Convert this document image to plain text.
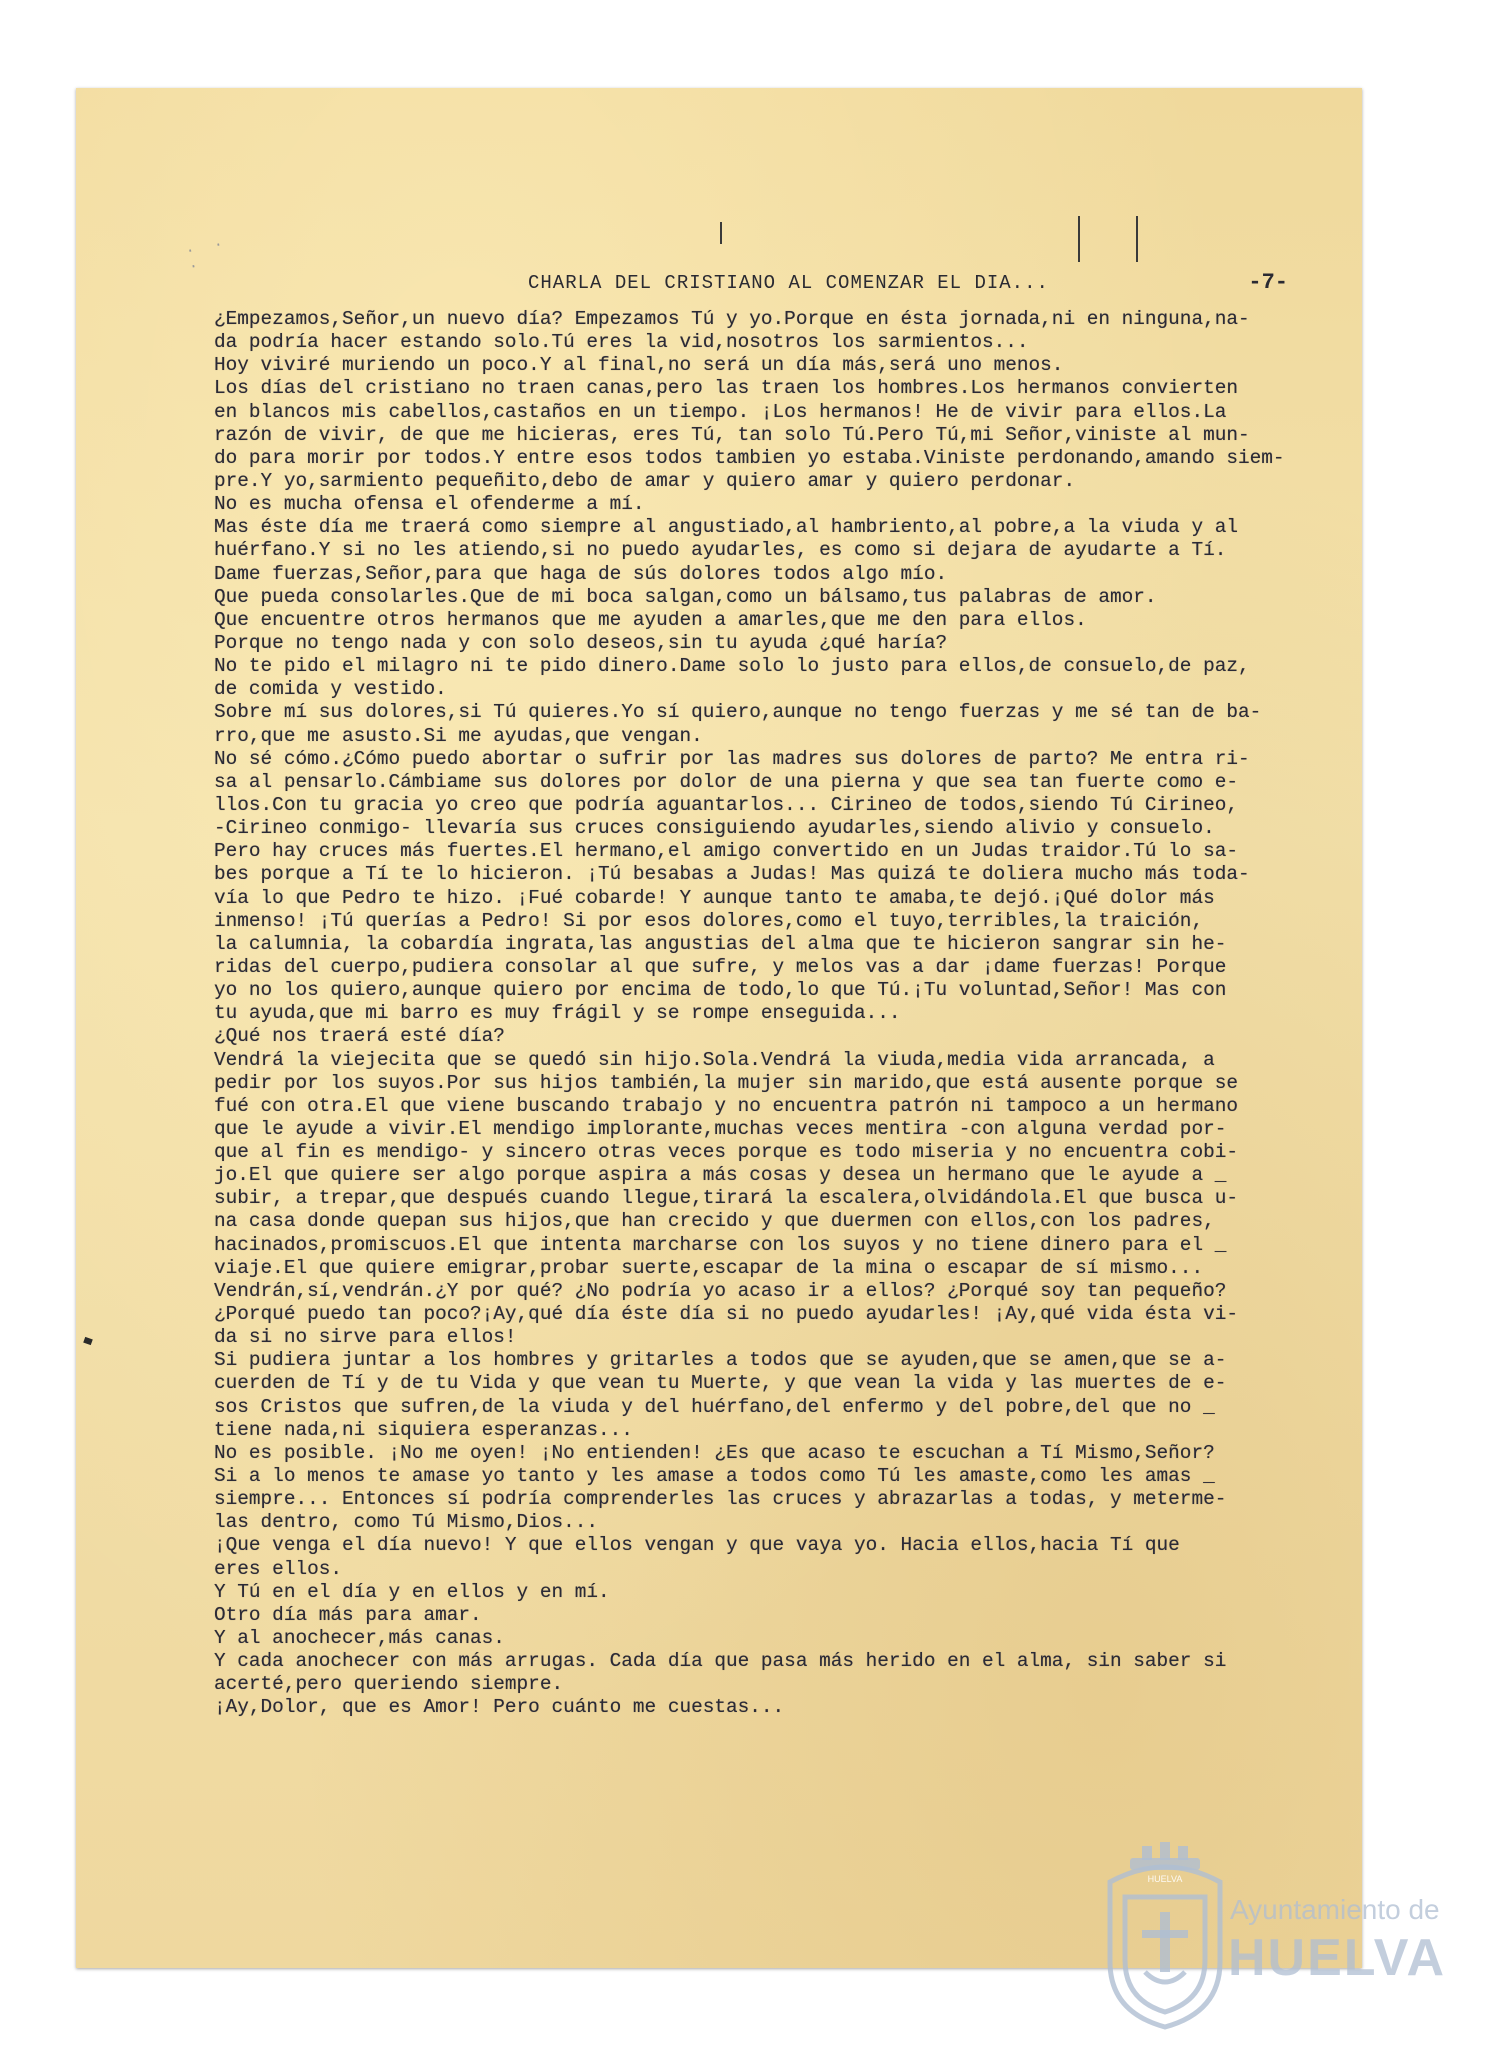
· · ·
CHARLA DEL CRISTIANO AL COMENZAR EL DIA...	-7-
¿Empezamos,Señor,un nuevo día? Empezamos Tú y yo.Porque en ésta jornada,ni en ninguna,na-
da podría hacer estando solo.Tú eres la vid,nosotros los sarmientos...
Hoy viviré muriendo un poco.Y al final,no será un día más,será uno menos.
Los días del cristiano no traen canas,pero las traen los hombres.Los hermanos convierten
en blancos mis cabellos,castaños en un tiempo. ¡Los hermanos! He de vivir para ellos.La
razón de vivir, de que me hicieras, eres Tú, tan solo Tú.Pero Tú,mi Señor,viniste al mun-
do para morir por todos.Y entre esos todos tambien yo estaba.Viniste perdonando,amando siem-
pre.Y yo,sarmiento pequeñito,debo de amar y quiero amar y quiero perdonar.
No es mucha ofensa el ofenderme a mí.
Mas éste día me traerá como siempre al angustiado,al hambriento,al pobre,a la viuda y al
huérfano.Y si no les atiendo,si no puedo ayudarles, es como si dejara de ayudarte a Tí.
Dame fuerzas,Señor,para que haga de sús dolores todos algo mío.
Que pueda consolarles.Que de mi boca salgan,como un bálsamo,tus palabras de amor.
Que encuentre otros hermanos que me ayuden a amarles,que me den para ellos.
Porque no tengo nada y con solo deseos,sin tu ayuda ¿qué haría?
No te pido el milagro ni te pido dinero.Dame solo lo justo para ellos,de consuelo,de paz,
de comida y vestido.
Sobre mí sus dolores,si Tú quieres.Yo sí quiero,aunque no tengo fuerzas y me sé tan de ba-
rro,que me asusto.Si me ayudas,que vengan.
No sé cómo.¿Cómo puedo abortar o sufrir por las madres sus dolores de parto? Me entra ri-
sa al pensarlo.Cámbiame sus dolores por dolor de una pierna y que sea tan fuerte como e-
llos.Con tu gracia yo creo que podría aguantarlos... Cirineo de todos,siendo Tú Cirineo,
-Cirineo conmigo- llevaría sus cruces consiguiendo ayudarles,siendo alivio y consuelo.
Pero hay cruces más fuertes.El hermano,el amigo convertido en un Judas traidor.Tú lo sa-
bes porque a Tí te lo hicieron. ¡Tú besabas a Judas! Mas quizá te doliera mucho más toda-
vía lo que Pedro te hizo. ¡Fué cobarde! Y aunque tanto te amaba,te dejó.¡Qué dolor más
inmenso! ¡Tú querías a Pedro! Si por esos dolores,como el tuyo,terribles,la traición,
la calumnia, la cobardía ingrata,las angustias del alma que te hicieron sangrar sin he-
ridas del cuerpo,pudiera consolar al que sufre, y melos vas a dar ¡dame fuerzas! Porque
yo no los quiero,aunque quiero por encima de todo,lo que Tú.¡Tu voluntad,Señor! Mas con
tu ayuda,que mi barro es muy frágil y se rompe enseguida...
¿Qué nos traerá esté día?
Vendrá la viejecita que se quedó sin hijo.Sola.Vendrá la viuda,media vida arrancada, a
pedir por los suyos.Por sus hijos también,la mujer sin marido,que está ausente porque se
fué con otra.El que viene buscando trabajo y no encuentra patrón ni tampoco a un hermano
que le ayude a vivir.El mendigo implorante,muchas veces mentira -con alguna verdad por-
que al fin es mendigo- y sincero otras veces porque es todo miseria y no encuentra cobi-
jo.El que quiere ser algo porque aspira a más cosas y desea un hermano que le ayude a _
subir, a trepar,que después cuando llegue,tirará la escalera,olvidándola.El que busca u-
na casa donde quepan sus hijos,que han crecido y que duermen con ellos,con los padres,
hacinados,promiscuos.El que intenta marcharse con los suyos y no tiene dinero para el _
viaje.El que quiere emigrar,probar suerte,escapar de la mina o escapar de sí mismo...
Vendrán,sí,vendrán.¿Y por qué? ¿No podría yo acaso ir a ellos? ¿Porqué soy tan pequeño?
¿Porqué puedo tan poco?¡Ay,qué día éste día si no puedo ayudarles! ¡Ay,qué vida ésta vi-
da si no sirve para ellos!
Si pudiera juntar a los hombres y gritarles a todos que se ayuden,que se amen,que se a-
cuerden de Tí y de tu Vida y que vean tu Muerte, y que vean la vida y las muertes de e-
sos Cristos que sufren,de la viuda y del huérfano,del enfermo y del pobre,del que no _
tiene nada,ni siquiera esperanzas...
No es posible. ¡No me oyen! ¡No entienden! ¿Es que acaso te escuchan a Tí Mismo,Señor?
Si a lo menos te amase yo tanto y les amase a todos como Tú les amaste,como les amas _
siempre... Entonces sí podría comprenderles las cruces y abrazarlas a todas, y meterme-
las dentro, como Tú Mismo,Dios...
¡Que venga el día nuevo! Y que ellos vengan y que vaya yo. Hacia ellos,hacia Tí que
eres ellos.
Y Tú en el día y en ellos y en mí.
Otro día más para amar.
Y al anochecer,más canas.
Y cada anochecer con más arrugas. Cada día que pasa más herido en el alma, sin saber si
acerté,pero queriendo siempre.
¡Ay,Dolor, que es Amor! Pero cuánto me cuestas...
HUELVA
Ayuntamiento de
HUELVA
